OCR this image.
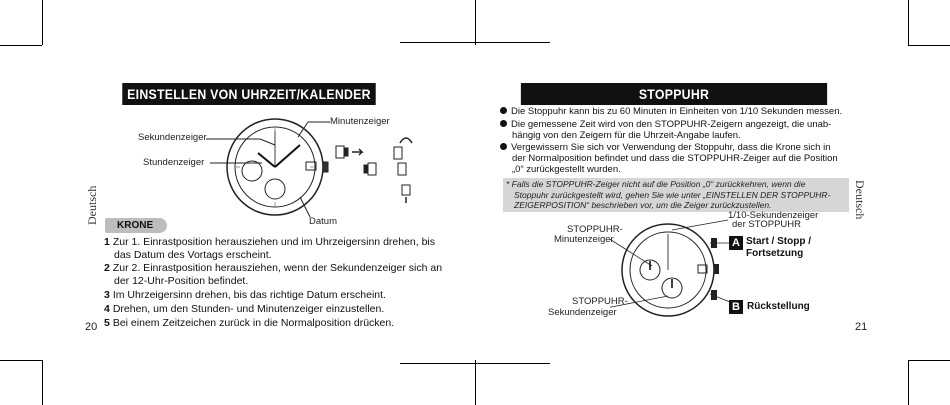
EINSTELLEN VON UHRZEIT/KALENDER
Deutsch
Sekundenzeiger
Stundenzeiger
Minutenzeiger
Datum
KRONE
1 Zur 1. Einrastposition herausziehen und im Uhrzeigersinn drehen, bis
das Datum des Vortags erscheint.
2 Zur 2. Einrastposition herausziehen, wenn der Sekundenzeiger sich an
der 12-Uhr-Position befindet.
3 Im Uhrzeigersinn drehen, bis das richtige Datum erscheint.
4 Drehen, um den Stunden- und Minutenzeiger einzustellen.
5 Bei einem Zeitzeichen zurück in die Normalposition drücken.
20
STOPPUHR
Die Stoppuhr kann bis zu 60 Minuten in Einheiten von 1/10 Sekunden messen.
Die gemessene Zeit wird von den STOPPUHR-Zeigern angezeigt, die unab-
hängig von den Zeigern für die Uhrzeit-Angabe laufen.
Vergewissern Sie sich vor Verwendung der Stoppuhr, dass die Krone sich in
der Normalposition befindet und dass die STOPPUHR-Zeiger auf die Position
„0“ zurückgestellt wurden.
* Falls die STOPPUHR-Zeiger nicht auf die Position „0“ zurückkehren, wenn die
Stoppuhr zurückgestellt wird, gehen Sie wie unter „EINSTELLEN DER STOPPUHR-
ZEIGERPOSITION“ beschrieben vor, um die Zeiger zurückzustellen.	Deutsch
1/10-Sekundenzeiger
der STOPPUHR
STOPPUHR-
Minutenzeiger
STOPPUHR-
Sekundenzeiger
A Start / Stopp /
Fortsetzung
B Rückstellung
21
